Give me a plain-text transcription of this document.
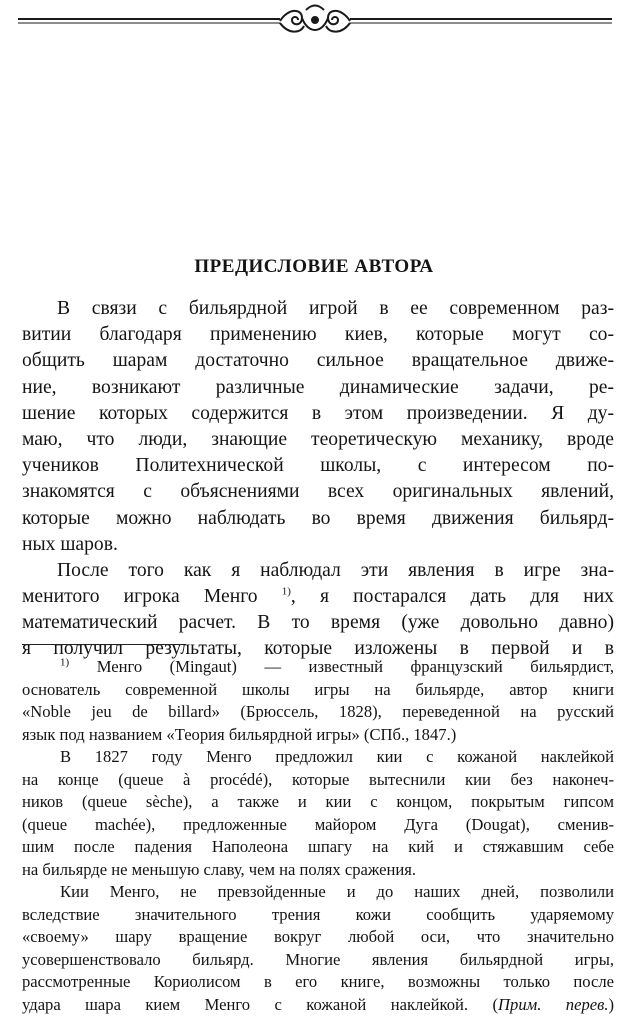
ПРЕДИСЛОВИЕ АВТОРА
В связи с бильярдной игрой в ее современном раз-
витии благодаря применению киев, которые могут со-
общить шарам достаточно сильное вращательное движе-
ние, возникают различные динамические задачи, ре-
шение которых содержится в этом произведении. Я ду-
маю, что люди, знающие теоретическую механику, вроде
учеников Политехнической школы, с интересом по-
знакомятся с объяснениями всех оригинальных явлений,
которые можно наблюдать во время движения бильярд-
ных шаров.
После того как я наблюдал эти явления в игре зна-
менитого игрока Менго $^{1)}$, я постарался дать для них
математический расчет. В то время (уже довольно давно)
я получил результаты, которые изложены в первой и в
$^{1)}$ Менго (Mingaut) — известный французский бильярдист,
основатель современной школы игры на бильярде, автор книги
«Noble jeu de billard» (Брюссель, 1828), переведенной на русский
язык под названием «Теория бильярдной игры» (СПб., 1847.)
В 1827 году Менго предложил кии с кожаной наклейкой
на конце (queue à procédé), которые вытеснили кии без наконеч-
ников (queue sèche), а также и кии с концом, покрытым гипсом
(queue machée), предложенные майором Дуга (Dougat), сменив-
шим после падения Наполеона шпагу на кий и стяжавшим себе
на бильярде не меньшую славу, чем на полях сражения.
Кии Менго, не превзойденные и до наших дней, позволили
вследствие значительного трения кожи сообщить ударяемому
«своему» шару вращение вокруг любой оси, что значительно
усовершенствовало бильярд. Многие явления бильярдной игры,
рассмотренные Кориолисом в его книге, возможны только после
удара шара кием Менго с кожаной наклейкой. (Прим. перев.)
